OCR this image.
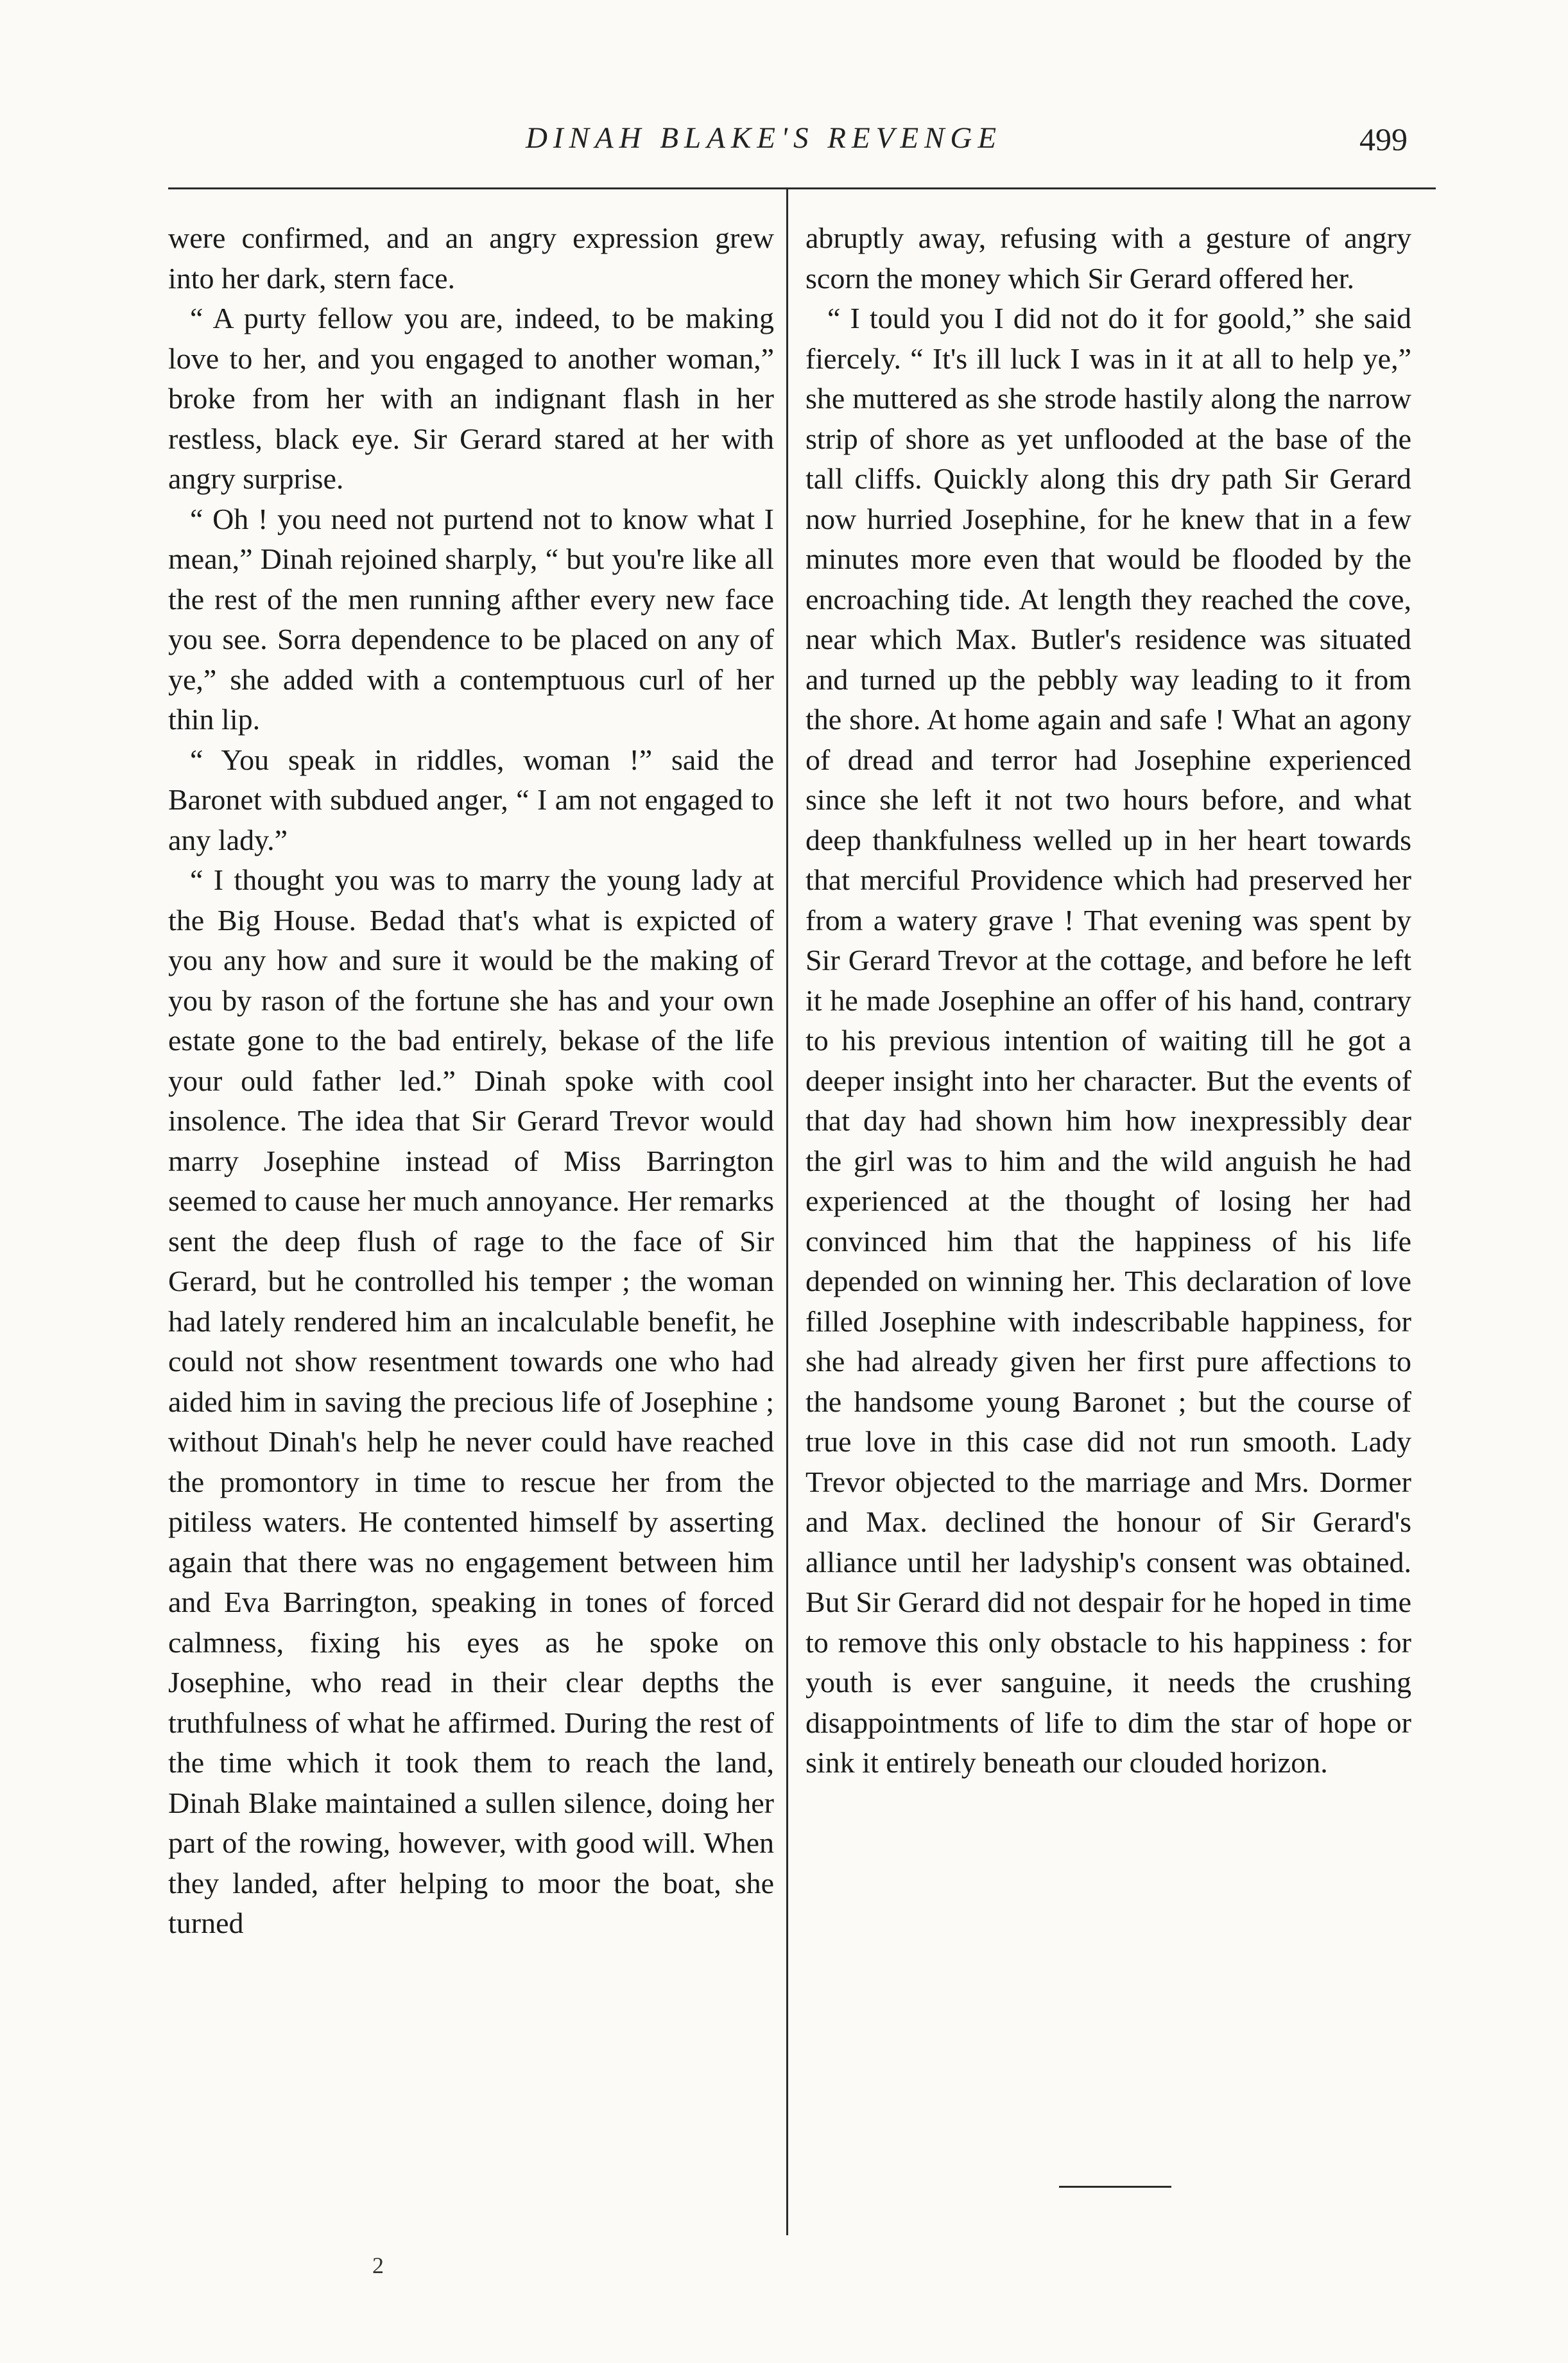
DINAH BLAKE'S REVENGE	499

were confirmed, and an angry expression grew into her dark, stern face.

“ A purty fellow you are, indeed, to be making love to her, and you engaged to another woman,” broke from her with an indignant flash in her restless, black eye. Sir Gerard stared at her with angry surprise.

“ Oh ! you need not purtend not to know what I mean,” Dinah rejoined sharply, “ but you're like all the rest of the men running afther every new face you see. Sorra dependence to be placed on any of ye,” she added with a contemptuous curl of her thin lip.

“ You speak in riddles, woman !” said the Baronet with subdued anger, “ I am not engaged to any lady.”

“ I thought you was to marry the young lady at the Big House. Bedad that's what is expicted of you any how and sure it would be the making of you by rason of the fortune she has and your own estate gone to the bad entirely, bekase of the life your ould father led.” Dinah spoke with cool insolence. The idea that Sir Gerard Trevor would marry Josephine instead of Miss Barrington seemed to cause her much annoyance. Her remarks sent the deep flush of rage to the face of Sir Gerard, but he controlled his temper ; the woman had lately rendered him an incalculable benefit, he could not show resentment towards one who had aided him in saving the precious life of Josephine ; without Dinah's help he never could have reached the promontory in time to rescue her from the pitiless waters. He contented himself by asserting again that there was no engagement between him and Eva Barrington, speaking in tones of forced calmness, fixing his eyes as he spoke on Josephine, who read in their clear depths the truthfulness of what he affirmed. During the rest of the time which it took them to reach the land, Dinah Blake maintained a sullen silence, doing her part of the rowing, however, with good will. When they landed, after helping to moor the boat, she turned

abruptly away, refusing with a gesture of angry scorn the money which Sir Gerard offered her.

“ I tould you I did not do it for goold,” she said fiercely. “ It's ill luck I was in it at all to help ye,” she muttered as she strode hastily along the narrow strip of shore as yet unflooded at the base of the tall cliffs. Quickly along this dry path Sir Gerard now hurried Josephine, for he knew that in a few minutes more even that would be flooded by the encroaching tide. At length they reached the cove, near which Max. Butler's residence was situated and turned up the pebbly way leading to it from the shore. At home again and safe ! What an agony of dread and terror had Josephine experienced since she left it not two hours before, and what deep thankfulness welled up in her heart towards that merciful Providence which had preserved her from a watery grave ! That evening was spent by Sir Gerard Trevor at the cottage, and before he left it he made Josephine an offer of his hand, contrary to his previous intention of waiting till he got a deeper insight into her character. But the events of that day had shown him how inexpressibly dear the girl was to him and the wild anguish he had experienced at the thought of losing her had convinced him that the happiness of his life depended on winning her. This declaration of love filled Josephine with indescribable happiness, for she had already given her first pure affections to the handsome young Baronet ; but the course of true love in this case did not run smooth. Lady Trevor objected to the marriage and Mrs. Dormer and Max. declined the honour of Sir Gerard's alliance until her ladyship's consent was obtained. But Sir Gerard did not despair for he hoped in time to remove this only obstacle to his happiness : for youth is ever sanguine, it needs the crushing disappointments of life to dim the star of hope or sink it entirely beneath our clouded horizon.

2
